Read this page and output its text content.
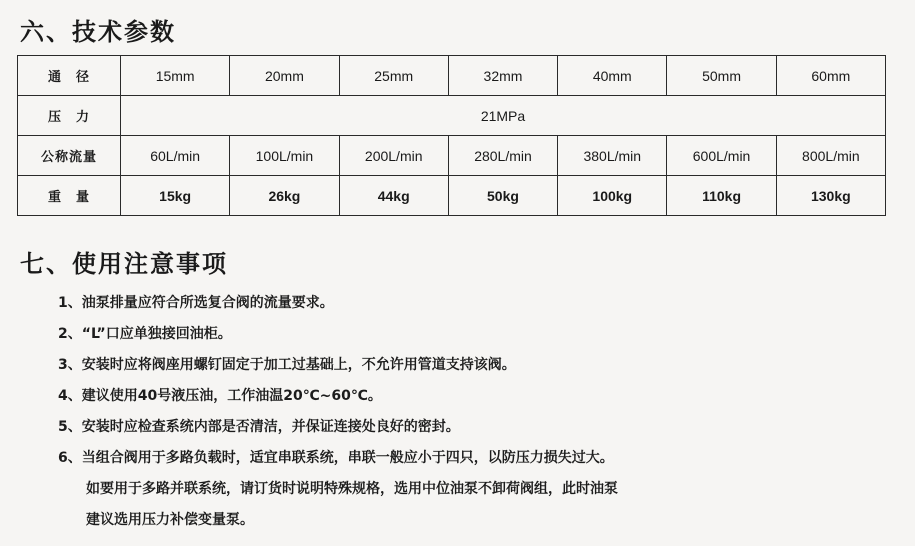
六、技术参数
通　径	15mm	20mm	25mm	32mm	40mm	50mm	60mm
压　力	21MPa						
公称流量	60L/min	100L/min	200L/min	280L/min	380L/min	600L/min	800L/min
重　量	15kg	26kg	44kg	50kg	100kg	110kg	130kg
七、使用注意事项
1、油泵排量应符合所选复合阀的流量要求。
2、“L”口应单独接回油柜。
3、安装时应将阀座用螺钉固定于加工过基础上，不允许用管道支持该阀。
4、建议使用40号液压油，工作油温20℃~60℃。
5、安装时应检查系统内部是否清洁，并保证连接处良好的密封。
6、当组合阀用于多路负载时，适宜串联系统，串联一般应小于四只，以防压力损失过大。
如要用于多路并联系统，请订货时说明特殊规格，选用中位油泵不卸荷阀组，此时油泵
建议选用压力补偿变量泵。
